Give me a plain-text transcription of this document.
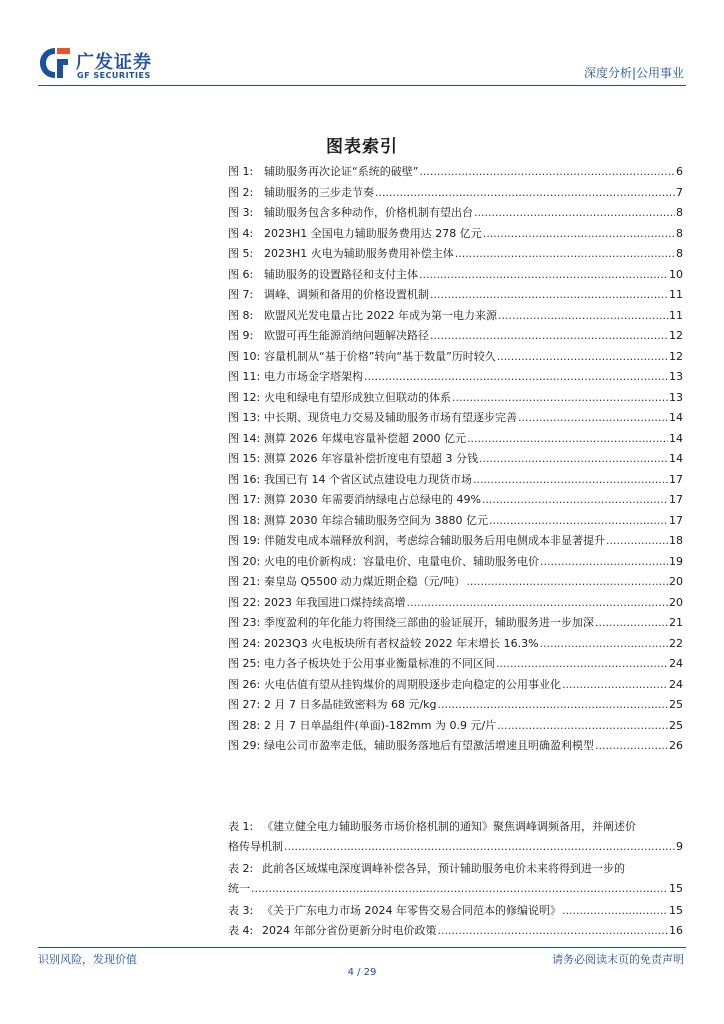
广发证券
GF SECURITIES	深度分析|公用事业
图表索引
图 1: 辅助服务再次论证“系统的破壁” .....	6
图 2: 辅助服务的三步走节奏 .....	7
图 3: 辅助服务包含多种动作，价格机制有望出台 .....	8
图 4: 2023H1 全国电力辅助服务费用达 278 亿元 .....	8
图 5: 2023H1 火电为辅助服务费用补偿主体 .....	8
图 6: 辅助服务的设置路径和支付主体 .....	10
图 7: 调峰、调频和备用的价格设置机制 .....	11
图 8: 欧盟风光发电量占比 2022 年成为第一电力来源 .....	11
图 9: 欧盟可再生能源消纳问题解决路径 .....	12
图 10: 容量机制从“基于价格”转向“基于数量”历时较久 .....	12
图 11: 电力市场金字塔架构 .....	13
图 12: 火电和绿电有望形成独立但联动的体系 .....	13
图 13: 中长期、现货电力交易及辅助服务市场有望逐步完善 .....	14
图 14: 测算 2026 年煤电容量补偿超 2000 亿元 .....	14
图 15: 测算 2026 年容量补偿折度电有望超 3 分钱 .....	14
图 16: 我国已有 14 个省区试点建设电力现货市场 .....	17
图 17: 测算 2030 年需要消纳绿电占总绿电的 49% .....	17
图 18: 测算 2030 年综合辅助服务空间为 3880 亿元 .....	17
图 19: 伴随发电成本端释放利润，考虑综合辅助服务后用电侧成本非显著提升 .....	18
图 20: 火电的电价新构成：容量电价、电量电价、辅助服务电价 .....	19
图 21: 秦皇岛 Q5500 动力煤近期企稳（元/吨） .....	20
图 22: 2023 年我国进口煤持续高增 .....	20
图 23: 季度盈利的年化能力将围绕三部曲的验证展开，辅助服务进一步加深 .....	21
图 24: 2023Q3 火电板块所有者权益较 2022 年末增长 16.3% .....	22
图 25: 电力各子板块处于公用事业衡量标准的不同区间 .....	24
图 26: 火电估值有望从挂钩煤价的周期股逐步走向稳定的公用事业化 .....	24
图 27: 2 月 7 日多晶硅致密料为 68 元/kg .....	25
图 28: 2 月 7 日单晶组件(单面)-182mm 为 0.9 元/片 .....	25
图 29: 绿电公司市盈率走低，辅助服务落地后有望激活增速且明确盈利模型 .....	26
表 1: 《建立健全电力辅助服务市场价格机制的通知》聚焦调峰调频备用，并阐述价
格传导机制 .....	9
表 2: 此前各区域煤电深度调峰补偿各异，预计辅助服务电价未来将得到进一步的
统一 .....	15
表 3: 《关于广东电力市场 2024 年零售交易合同范本的修编说明》 .....	15
表 4: 2024 年部分省份更新分时电价政策 .....	16
识别风险，发现价值	请务必阅读末页的免责声明
4 / 29
